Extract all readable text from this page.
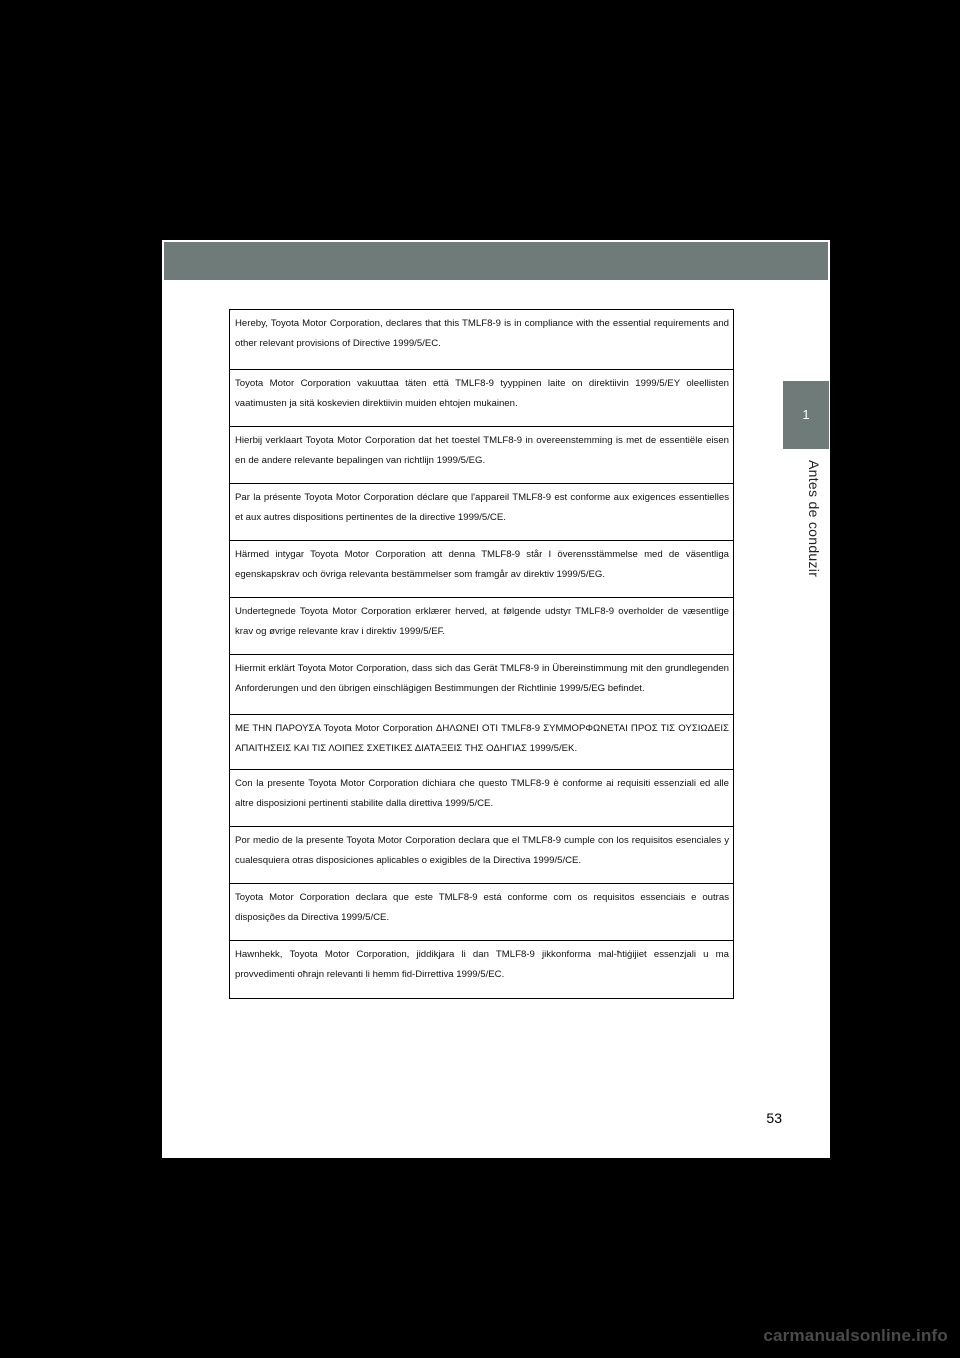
1
Antes de conduzir
Hereby, Toyota Motor Corporation, declares that this TMLF8-9 is in compliance with the essential requirements and other relevant provisions of Directive 1999/5/EC.
Toyota Motor Corporation vakuuttaa täten että TMLF8-9 tyyppinen laite on direktiivin 1999/5/EY oleellisten vaatimusten ja sitä koskevien direktiivin muiden ehtojen mukainen.
Hierbij verklaart Toyota Motor Corporation dat het toestel TMLF8-9 in overeenstemming is met de essentiële eisen en de andere relevante bepalingen van richtlijn 1999/5/EG.
Par la présente Toyota Motor Corporation déclare que l'appareil TMLF8-9 est conforme aux exigences essentielles et aux autres dispositions pertinentes de la directive 1999/5/CE.
Härmed intygar Toyota Motor Corporation att denna TMLF8-9 står I överensstämmelse med de väsentliga egenskapskrav och övriga relevanta bestämmelser som framgår av direktiv 1999/5/EG.
Undertegnede Toyota Motor Corporation erklærer herved, at følgende udstyr TMLF8-9 overholder de væsentlige krav og øvrige relevante krav i direktiv 1999/5/EF.
Hiermit erklärt Toyota Motor Corporation, dass sich das Gerät TMLF8-9 in Übereinstimmung mit den grundlegenden Anforderungen und den übrigen einschlägigen Bestimmungen der Richtlinie 1999/5/EG befindet.
ΜΕ ΤΗΝ ΠΑΡΟΥΣΑ Toyota Motor Corporation ΔΗΛΩΝΕΙ ΟΤΙ TMLF8-9 ΣΥΜΜΟΡΦΩΝΕΤΑΙ ΠΡΟΣ ΤΙΣ ΟΥΣΙΩΔΕΙΣ ΑΠΑΙΤΗΣΕΙΣ ΚΑΙ ΤΙΣ ΛΟΙΠΕΣ ΣΧΕΤΙΚΕΣ ΔΙΑΤΑΞΕΙΣ ΤΗΣ ΟΔΗΓΙΑΣ 1999/5/ΕΚ.
Con la presente Toyota Motor Corporation dichiara che questo TMLF8-9 è conforme ai requisiti essenziali ed alle altre disposizioni pertinenti stabilite dalla direttiva 1999/5/CE.
Por medio de la presente Toyota Motor Corporation declara que el TMLF8-9 cumple con los requisitos esenciales y cualesquiera otras disposiciones aplicables o exigibles de la Directiva 1999/5/CE.
Toyota Motor Corporation declara que este TMLF8-9 está conforme com os requisitos essenciais e outras disposições da Directiva 1999/5/CE.
Hawnhekk, Toyota Motor Corporation, jiddikjara li dan TMLF8-9 jikkonforma mal-ħtiġijiet essenzjali u ma provvedimenti oħrajn relevanti li hemm fid-Dirrettiva 1999/5/EC.
53
carmanualsonline.info
